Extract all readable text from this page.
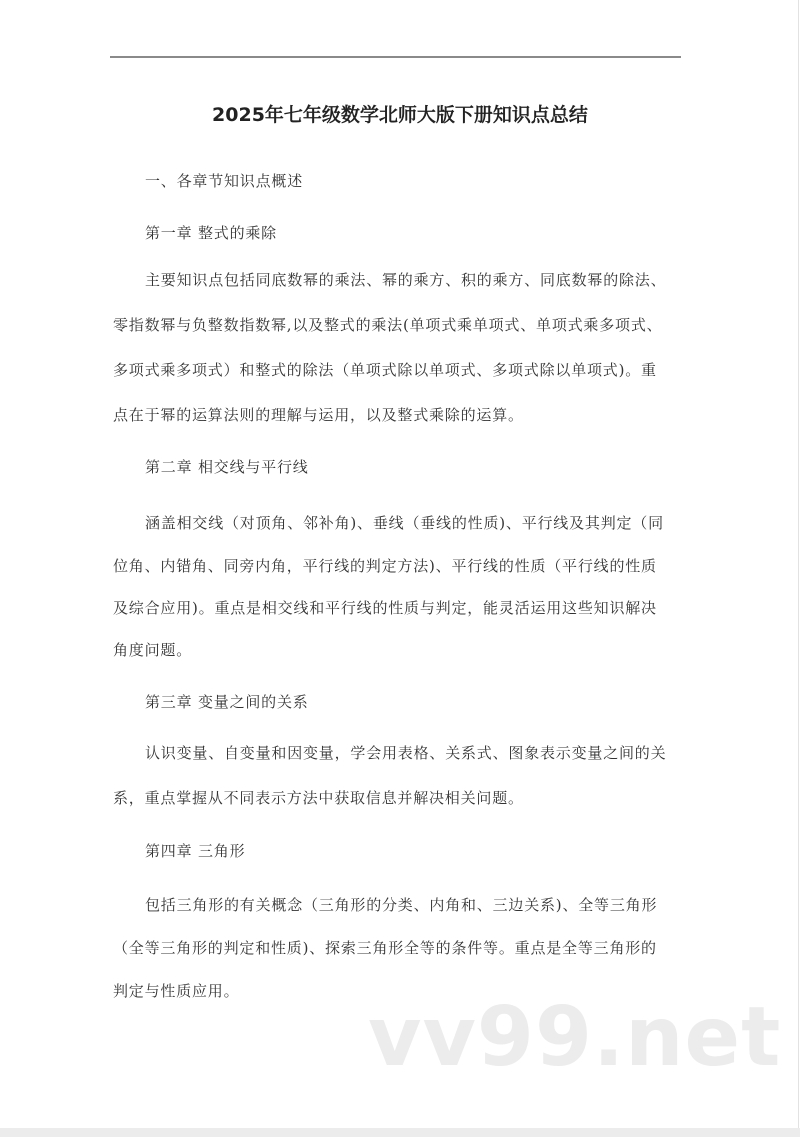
2025年七年级数学北师大版下册知识点总结
一、各章节知识点概述
第一章 整式的乘除
主要知识点包括同底数幂的乘法、幂的乘方、积的乘方、同底数幂的除法、
零指数幂与负整数指数幂,以及整式的乘法(单项式乘单项式、单项式乘多项式、
多项式乘多项式）和整式的除法（单项式除以单项式、多项式除以单项式)。重
点在于幂的运算法则的理解与运用，以及整式乘除的运算。
第二章 相交线与平行线
涵盖相交线（对顶角、邻补角)、垂线（垂线的性质)、平行线及其判定（同
位角、内错角、同旁内角，平行线的判定方法)、平行线的性质（平行线的性质
及综合应用)。重点是相交线和平行线的性质与判定，能灵活运用这些知识解决
角度问题。
第三章 变量之间的关系
认识变量、自变量和因变量，学会用表格、关系式、图象表示变量之间的关
系，重点掌握从不同表示方法中获取信息并解决相关问题。
第四章 三角形
包括三角形的有关概念（三角形的分类、内角和、三边关系)、全等三角形
（全等三角形的判定和性质)、探索三角形全等的条件等。重点是全等三角形的
判定与性质应用。 vv99.net
